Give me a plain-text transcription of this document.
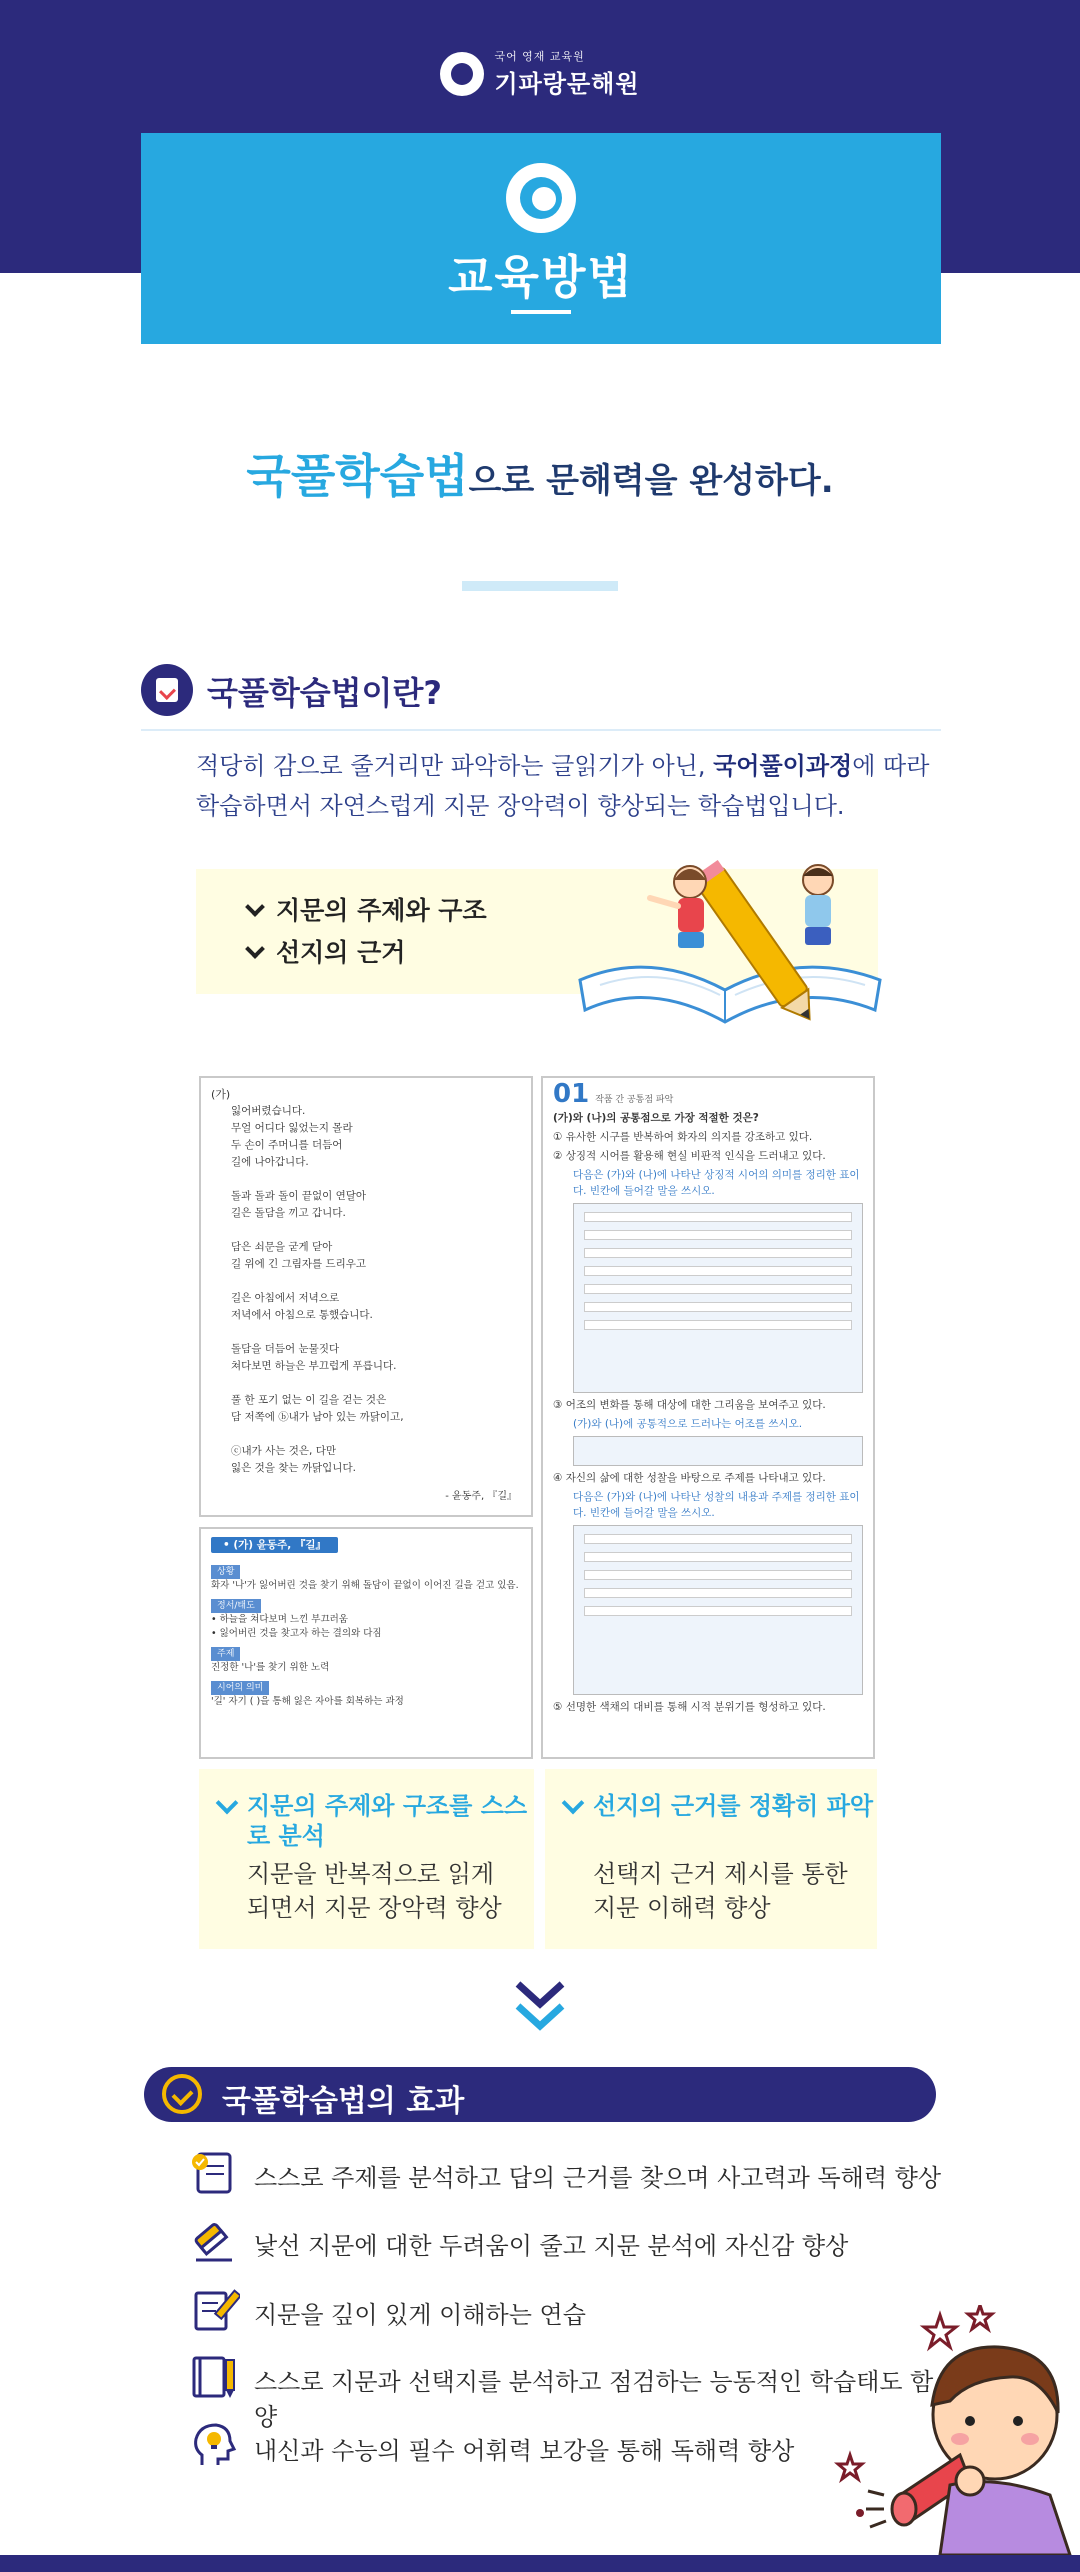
국어 영재 교육원
기파랑문해원
교육방법
국풀학습법으로 문해력을 완성하다.
국풀학습법이란?
적당히 감으로 줄거리만 파악하는 글읽기가 아닌, 국어풀이과정에 따라 학습하면서 자연스럽게 지문 장악력이 향상되는 학습법입니다.
지문의 주제와 구조
선지의 근거
(가)
잃어버렸습니다.
무얼 어디다 잃었는지 몰라
두 손이 주머니를 더듬어
길에 나아갑니다.

돌과 돌과 돌이 끝없이 연달아
길은 돌담을 끼고 갑니다.

담은 쇠문을 굳게 닫아
길 위에 긴 그림자를 드리우고

길은 아침에서 저녁으로
저녁에서 아침으로 통했습니다.

돌담을 더듬어 눈물짓다
쳐다보면 하늘은 부끄럽게 푸릅니다.

풀 한 포기 없는 이 길을 걷는 것은
담 저쪽에 ⓑ내가 남아 있는 까닭이고,

ⓒ내가 사는 것은, 다만
잃은 것을 찾는 까닭입니다.
- 윤동주, 『길』
• (가) 윤동주, 『길』
상황
화자 '나'가 잃어버린 것을 찾기 위해 돌담이 끝없이 이어진 길을 걷고 있음.
정서/태도
• 하늘을 쳐다보며 느낀 부끄러움
• 잃어버린 것을 찾고자 하는 결의와 다짐
주제
진정한 '나'를 찾기 위한 노력
시어의 의미
'길' 자기 ( )을 통해 잃은 자아를 회복하는 과정
01 작품 간 공통점 파악
(가)와 (나)의 공통점으로 가장 적절한 것은?
① 유사한 시구를 반복하여 화자의 의지를 강조하고 있다.
② 상징적 시어를 활용해 현실 비판적 인식을 드러내고 있다.
다음은 (가)와 (나)에 나타난 상징적 시어의 의미를 정리한 표이다. 빈칸에 들어갈 말을 쓰시오.
③ 어조의 변화를 통해 대상에 대한 그리움을 보여주고 있다.
(가)와 (나)에 공통적으로 드러나는 어조를 쓰시오.
④ 자신의 삶에 대한 성찰을 바탕으로 주제를 나타내고 있다.
다음은 (가)와 (나)에 나타난 성찰의 내용과 주제를 정리한 표이다. 빈칸에 들어갈 말을 쓰시오.
⑤ 선명한 색채의 대비를 통해 시적 분위기를 형성하고 있다.
지문의 주제와 구조를 스스로 분석
지문을 반복적으로 읽게 되면서 지문 장악력 향상
선지의 근거를 정확히 파악
선택지 근거 제시를 통한 지문 이해력 향상
국풀학습법의 효과
스스로 주제를 분석하고 답의 근거를 찾으며 사고력과 독해력 향상
낯선 지문에 대한 두려움이 줄고 지문 분석에 자신감 향상
지문을 깊이 있게 이해하는 연습
스스로 지문과 선택지를 분석하고 점검하는 능동적인 학습태도 함양
내신과 수능의 필수 어휘력 보강을 통해 독해력 향상
